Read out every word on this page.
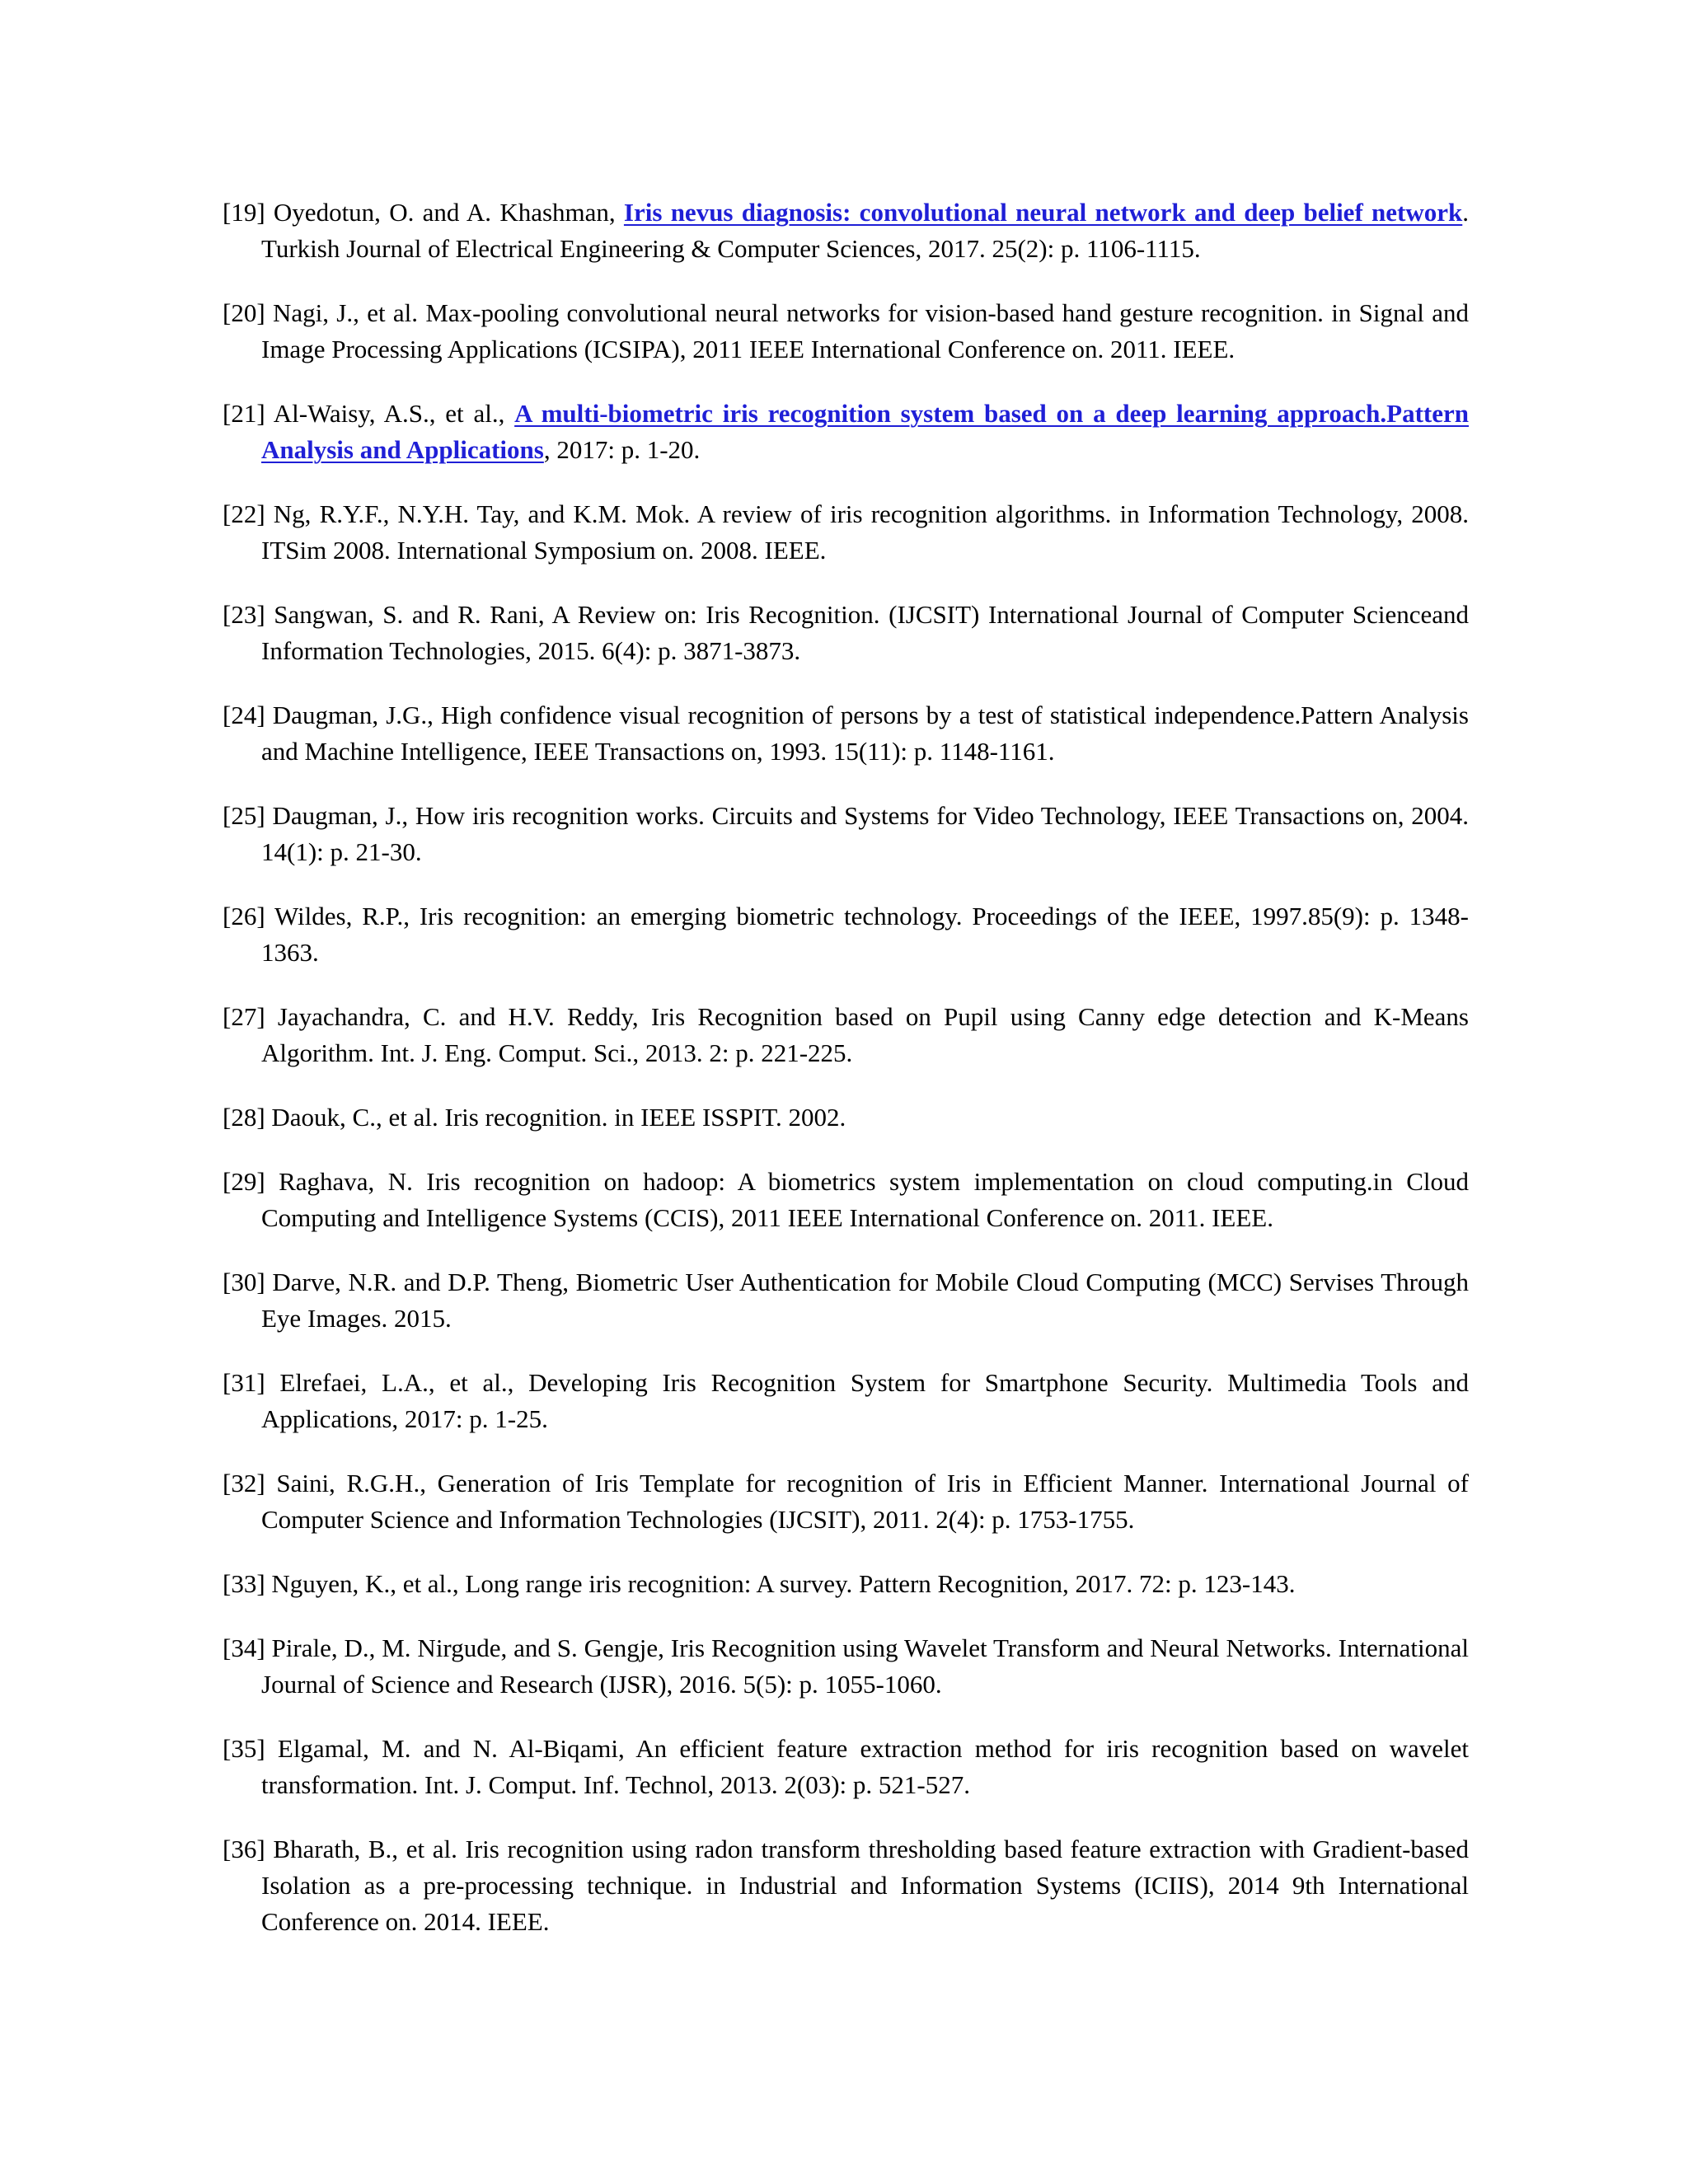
[19] Oyedotun, O. and A. Khashman, Iris nevus diagnosis: convolutional neural network and deep belief network. Turkish Journal of Electrical Engineering & Computer Sciences, 2017. 25(2): p. 1106-1115.
[20] Nagi, J., et al. Max-pooling convolutional neural networks for vision-based hand gesture recognition. in Signal and Image Processing Applications (ICSIPA), 2011 IEEE International Conference on. 2011. IEEE.
[21] Al-Waisy, A.S., et al., A multi-biometric iris recognition system based on a deep learning approach.Pattern Analysis and Applications, 2017: p. 1-20.
[22] Ng, R.Y.F., N.Y.H. Tay, and K.M. Mok. A review of iris recognition algorithms. in Information Technology, 2008. ITSim 2008. International Symposium on. 2008. IEEE.
[23] Sangwan, S. and R. Rani, A Review on: Iris Recognition. (IJCSIT) International Journal of Computer Scienceand Information Technologies, 2015. 6(4): p. 3871-3873.
[24] Daugman, J.G., High confidence visual recognition of persons by a test of statistical independence.Pattern Analysis and Machine Intelligence, IEEE Transactions on, 1993. 15(11): p. 1148-1161.
[25] Daugman, J., How iris recognition works. Circuits and Systems for Video Technology, IEEE Transactions on, 2004. 14(1): p. 21-30.
[26] Wildes, R.P., Iris recognition: an emerging biometric technology. Proceedings of the IEEE, 1997.85(9): p. 1348-1363.
[27] Jayachandra, C. and H.V. Reddy, Iris Recognition based on Pupil using Canny edge detection and K-Means Algorithm. Int. J. Eng. Comput. Sci., 2013. 2: p. 221-225.
[28] Daouk, C., et al. Iris recognition. in IEEE ISSPIT. 2002.
[29] Raghava, N. Iris recognition on hadoop: A biometrics system implementation on cloud computing.in Cloud Computing and Intelligence Systems (CCIS), 2011 IEEE International Conference on. 2011. IEEE.
[30] Darve, N.R. and D.P. Theng, Biometric User Authentication for Mobile Cloud Computing (MCC) Servises Through Eye Images. 2015.
[31] Elrefaei, L.A., et al., Developing Iris Recognition System for Smartphone Security. Multimedia Tools and Applications, 2017: p. 1-25.
[32] Saini, R.G.H., Generation of Iris Template for recognition of Iris in Efficient Manner. International Journal of Computer Science and Information Technologies (IJCSIT), 2011. 2(4): p. 1753-1755.
[33] Nguyen, K., et al., Long range iris recognition: A survey. Pattern Recognition, 2017. 72: p. 123-143.
[34] Pirale, D., M. Nirgude, and S. Gengje, Iris Recognition using Wavelet Transform and Neural Networks. International Journal of Science and Research (IJSR), 2016. 5(5): p. 1055-1060.
[35] Elgamal, M. and N. Al-Biqami, An efficient feature extraction method for iris recognition based on wavelet transformation. Int. J. Comput. Inf. Technol, 2013. 2(03): p. 521-527.
[36] Bharath, B., et al. Iris recognition using radon transform thresholding based feature extraction with Gradient-based Isolation as a pre-processing technique. in Industrial and Information Systems (ICIIS), 2014 9th International Conference on. 2014. IEEE.
